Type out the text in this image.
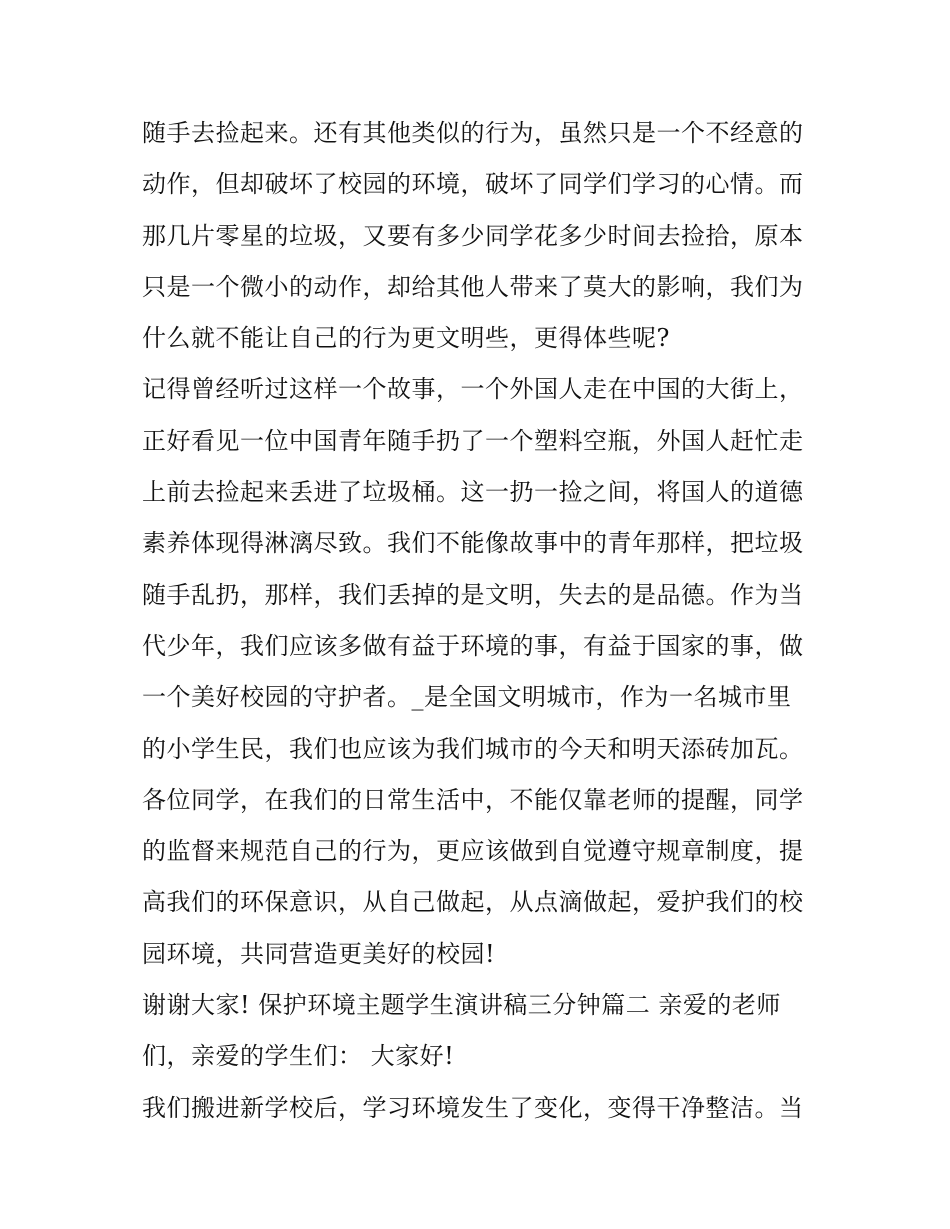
随手去捡起来。还有其他类似的行为，虽然只是一个不经意的
动作，但却破坏了校园的环境，破坏了同学们学习的心情。而
那几片零星的垃圾，又要有多少同学花多少时间去捡拾，原本
只是一个微小的动作，却给其他人带来了莫大的影响，我们为
什么就不能让自己的行为更文明些，更得体些呢?
记得曾经听过这样一个故事，一个外国人走在中国的大街上，
正好看见一位中国青年随手扔了一个塑料空瓶，外国人赶忙走
上前去捡起来丢进了垃圾桶。这一扔一捡之间，将国人的道德
素养体现得淋漓尽致。我们不能像故事中的青年那样，把垃圾
随手乱扔，那样，我们丢掉的是文明，失去的是品德。作为当
代少年，我们应该多做有益于环境的事，有益于国家的事，做
一个美好校园的守护者。_是全国文明城市，作为一名城市里
的小学生民，我们也应该为我们城市的今天和明天添砖加瓦。
各位同学，在我们的日常生活中，不能仅靠老师的提醒，同学
的监督来规范自己的行为，更应该做到自觉遵守规章制度，提
高我们的环保意识，从自己做起，从点滴做起，爱护我们的校
园环境，共同营造更美好的校园!
谢谢大家! 保护环境主题学生演讲稿三分钟篇二 亲爱的老师
们，亲爱的学生们： 大家好!
我们搬进新学校后，学习环境发生了变化，变得干净整洁。当
